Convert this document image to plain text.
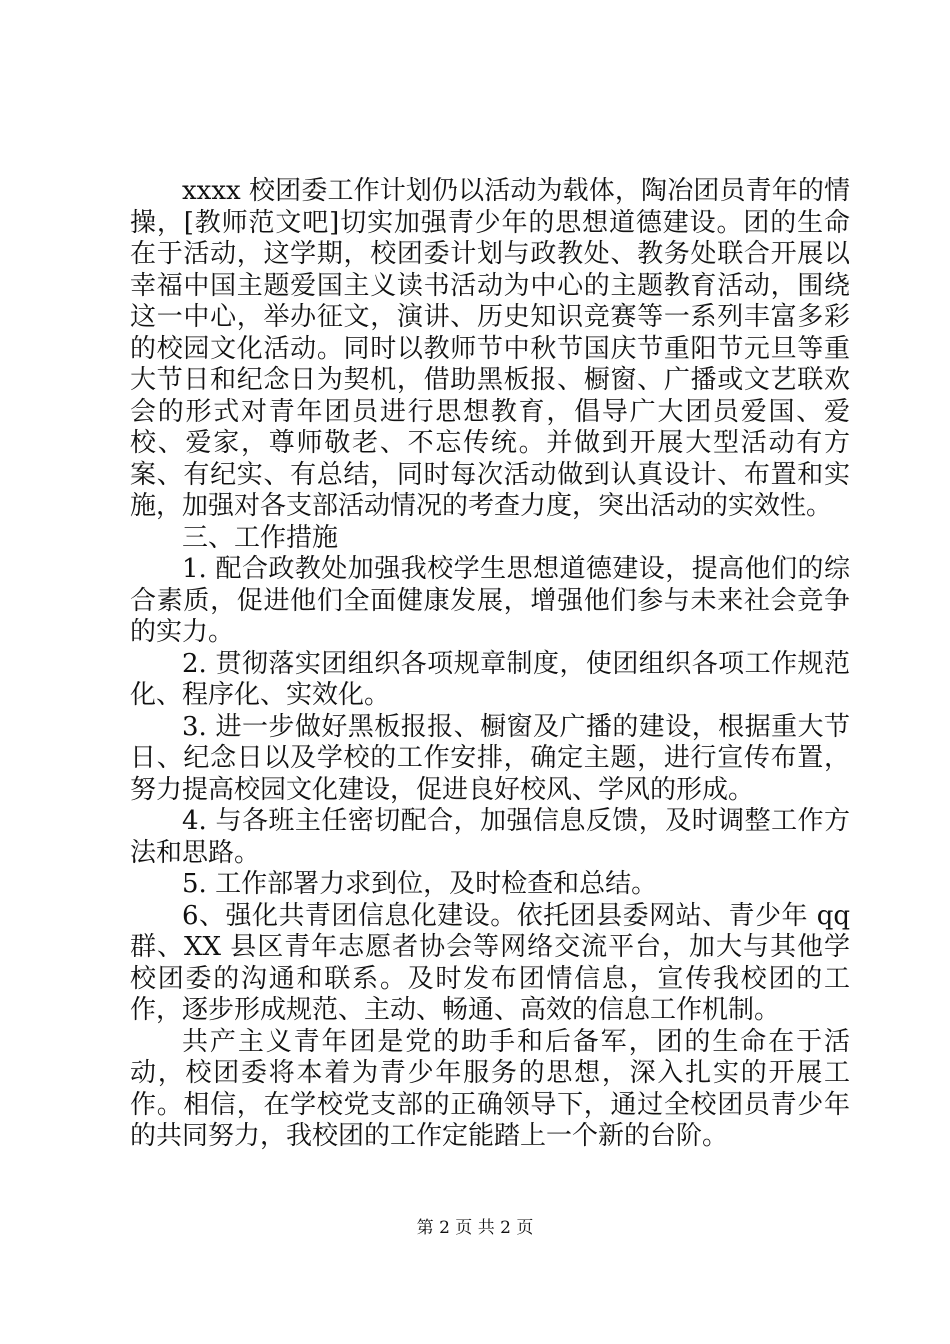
xxxx 校团委工作计划仍以活动为载体，陶冶团员青年的情操，[教师范文吧]切实加强青少年的思想道德建设。团的生命在于活动，这学期，校团委计划与政教处、教务处联合开展以幸福中国主题爱国主义读书活动为中心的主题教育活动，围绕这一中心，举办征文，演讲、历史知识竞赛等一系列丰富多彩的校园文化活动。同时以教师节中秋节国庆节重阳节元旦等重大节日和纪念日为契机，借助黑板报、橱窗、广播或文艺联欢会的形式对青年团员进行思想教育，倡导广大团员爱国、爱校、爱家，尊师敬老、不忘传统。并做到开展大型活动有方案、有纪实、有总结，同时每次活动做到认真设计、布置和实施，加强对各支部活动情况的考查力度，突出活动的实效性。

三、工作措施

1. 配合政教处加强我校学生思想道德建设，提高他们的综合素质，促进他们全面健康发展，增强他们参与未来社会竞争的实力。

2. 贯彻落实团组织各项规章制度，使团组织各项工作规范化、程序化、实效化。

3. 进一步做好黑板报报、橱窗及广播的建设，根据重大节日、纪念日以及学校的工作安排，确定主题，进行宣传布置，努力提高校园文化建设，促进良好校风、学风的形成。

4. 与各班主任密切配合，加强信息反馈，及时调整工作方法和思路。

5. 工作部署力求到位，及时检查和总结。

6、强化共青团信息化建设。依托团县委网站、青少年 qq 群、XX 县区青年志愿者协会等网络交流平台，加大与其他学校团委的沟通和联系。及时发布团情信息，宣传我校团的工作，逐步形成规范、主动、畅通、高效的信息工作机制。

共产主义青年团是党的助手和后备军，团的生命在于活动，校团委将本着为青少年服务的思想，深入扎实的开展工作。相信，在学校党支部的正确领导下，通过全校团员青少年的共同努力，我校团的工作定能踏上一个新的台阶。

第 2 页 共 2 页
